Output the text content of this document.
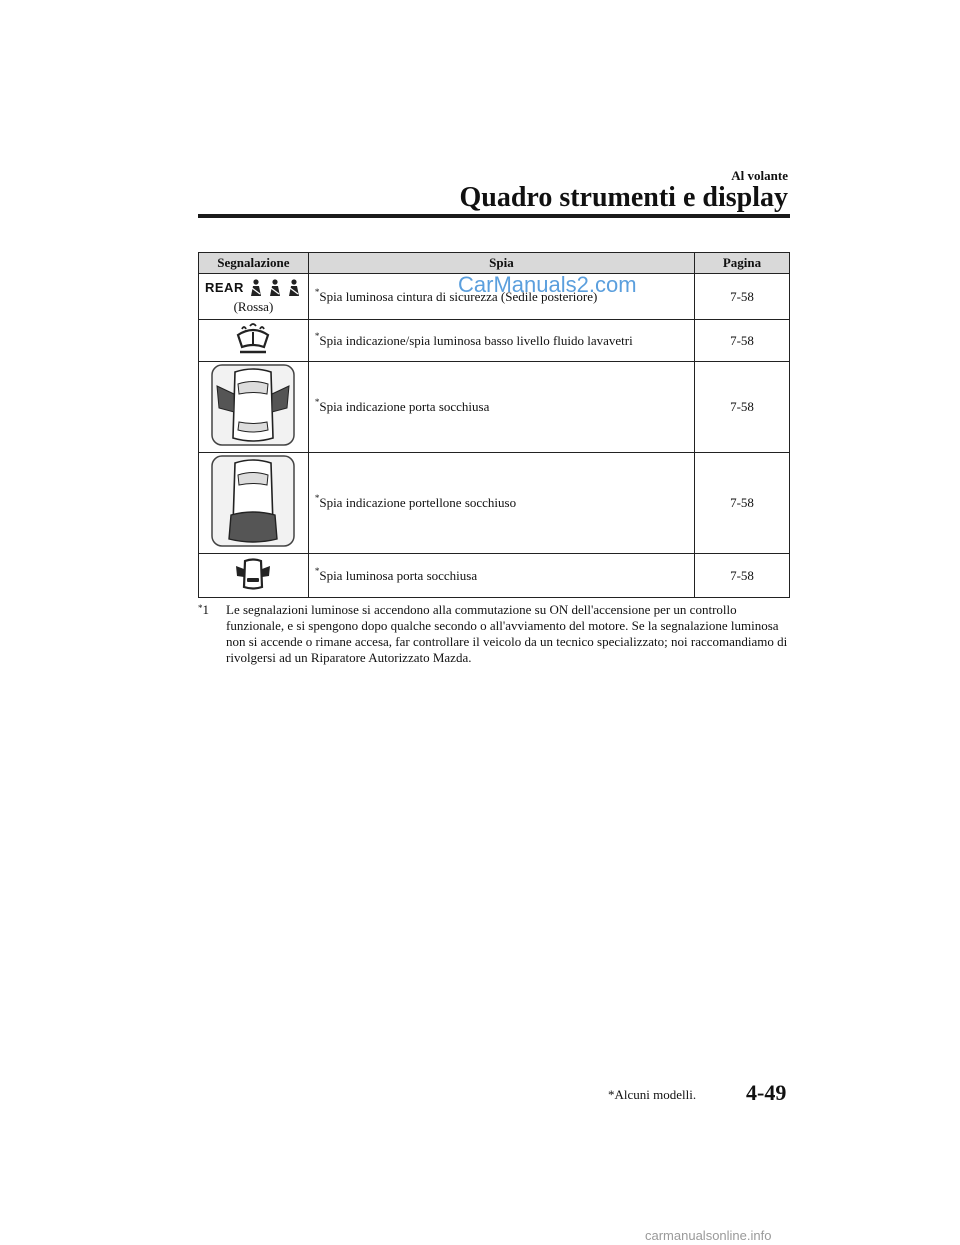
Al volante
Quadro strumenti e display
Segnalazione	Spia	Pagina

REAR
(Rossa)	*Spia luminosa cintura di sicurezza (Sedile posteriore)	7-58
	*Spia indicazione/spia luminosa basso livello fluido lavavetri	7-58
	*Spia indicazione porta socchiusa	7-58
	*Spia indicazione portellone socchiuso	7-58
	*Spia luminosa porta socchiusa	7-58
CarManuals2.com
*1 Le segnalazioni luminose si accendono alla commutazione su ON dell'accensione per un controllo funzionale, e si spengono dopo qualche secondo o all'avviamento del motore. Se la segnalazione luminosa non si accende o rimane accesa, far controllare il veicolo da un tecnico specializzato; noi raccomandiamo di rivolgersi ad un Riparatore Autorizzato Mazda.
*Alcuni modelli. 4-49
carmanualsonline.info
